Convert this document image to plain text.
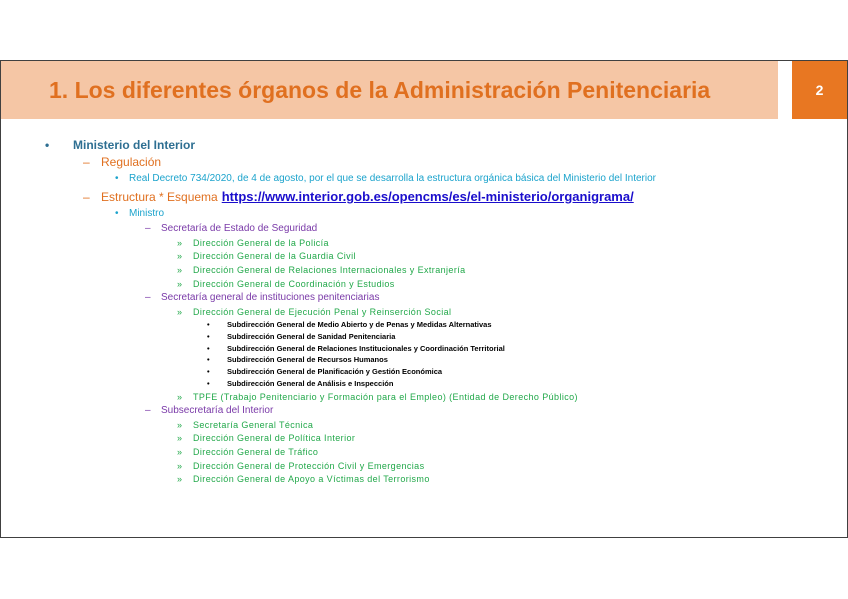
1. Los diferentes órganos de la Administración Penitenciaria	2
•	Ministerio del Interior
– Regulación
•	Real Decreto 734/2020, de 4 de agosto, por el que se desarrolla la estructura orgánica básica del Ministerio del Interior
– Estructura * Esquema https://www.interior.gob.es/opencms/es/el-ministerio/organigrama/
•	Ministro
–	Secretaría de Estado de Seguridad
»	Dirección General de la Policía
»	Dirección General de la Guardia Civil
»	Dirección General de Relaciones Internacionales y Extranjería
»	Dirección General de Coordinación y Estudios
–	Secretaría general de instituciones penitenciarias
»	Dirección General de Ejecución Penal y Reinserción Social
•	Subdirección General de Medio Abierto y de Penas y Medidas Alternativas
•	Subdirección General de Sanidad Penitenciaria
•	Subdirección General de Relaciones Institucionales y Coordinación Territorial
•	Subdirección General de Recursos Humanos
•	Subdirección General de Planificación y Gestión Económica
•	Subdirección General de Análisis e Inspección
»	TPFE (Trabajo Penitenciario y Formación para el Empleo) (Entidad de Derecho Público)
–	Subsecretaría del Interior
»	Secretaría General Técnica
»	Dirección General de Política Interior
»	Dirección General de Tráfico
»	Dirección General de Protección Civil y Emergencias
»	Dirección General de Apoyo a Víctimas del Terrorismo
